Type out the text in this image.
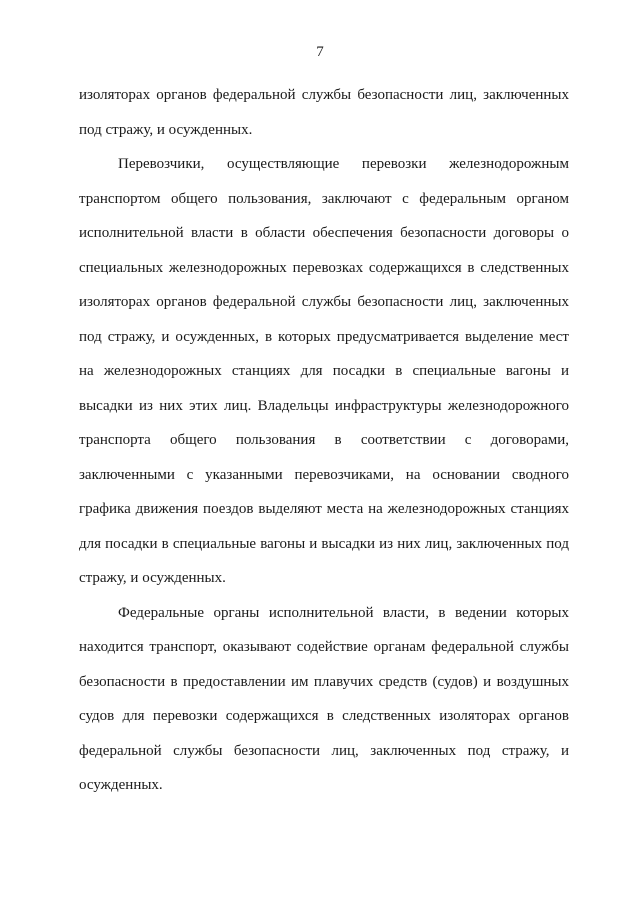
7

изоляторах органов федеральной службы безопасности лиц, заключенных под стражу, и осужденных.

Перевозчики, осуществляющие перевозки железнодорожным транспортом общего пользования, заключают с федеральным органом исполнительной власти в области обеспечения безопасности договоры о специальных железнодорожных перевозках содержащихся в следственных изоляторах органов федеральной службы безопасности лиц, заключенных под стражу, и осужденных, в которых предусматривается выделение мест на железнодорожных станциях для посадки в специальные вагоны и высадки из них этих лиц. Владельцы инфраструктуры железнодорожного транспорта общего пользования в соответствии с договорами, заключенными с указанными перевозчиками, на основании сводного графика движения поездов выделяют места на железнодорожных станциях для посадки в специальные вагоны и высадки из них лиц, заключенных под стражу, и осужденных.

Федеральные органы исполнительной власти, в ведении которых находится транспорт, оказывают содействие органам федеральной службы безопасности в предоставлении им плавучих средств (судов) и воздушных судов для перевозки содержащихся в следственных изоляторах органов федеральной службы безопасности лиц, заключенных под стражу, и осужденных.
